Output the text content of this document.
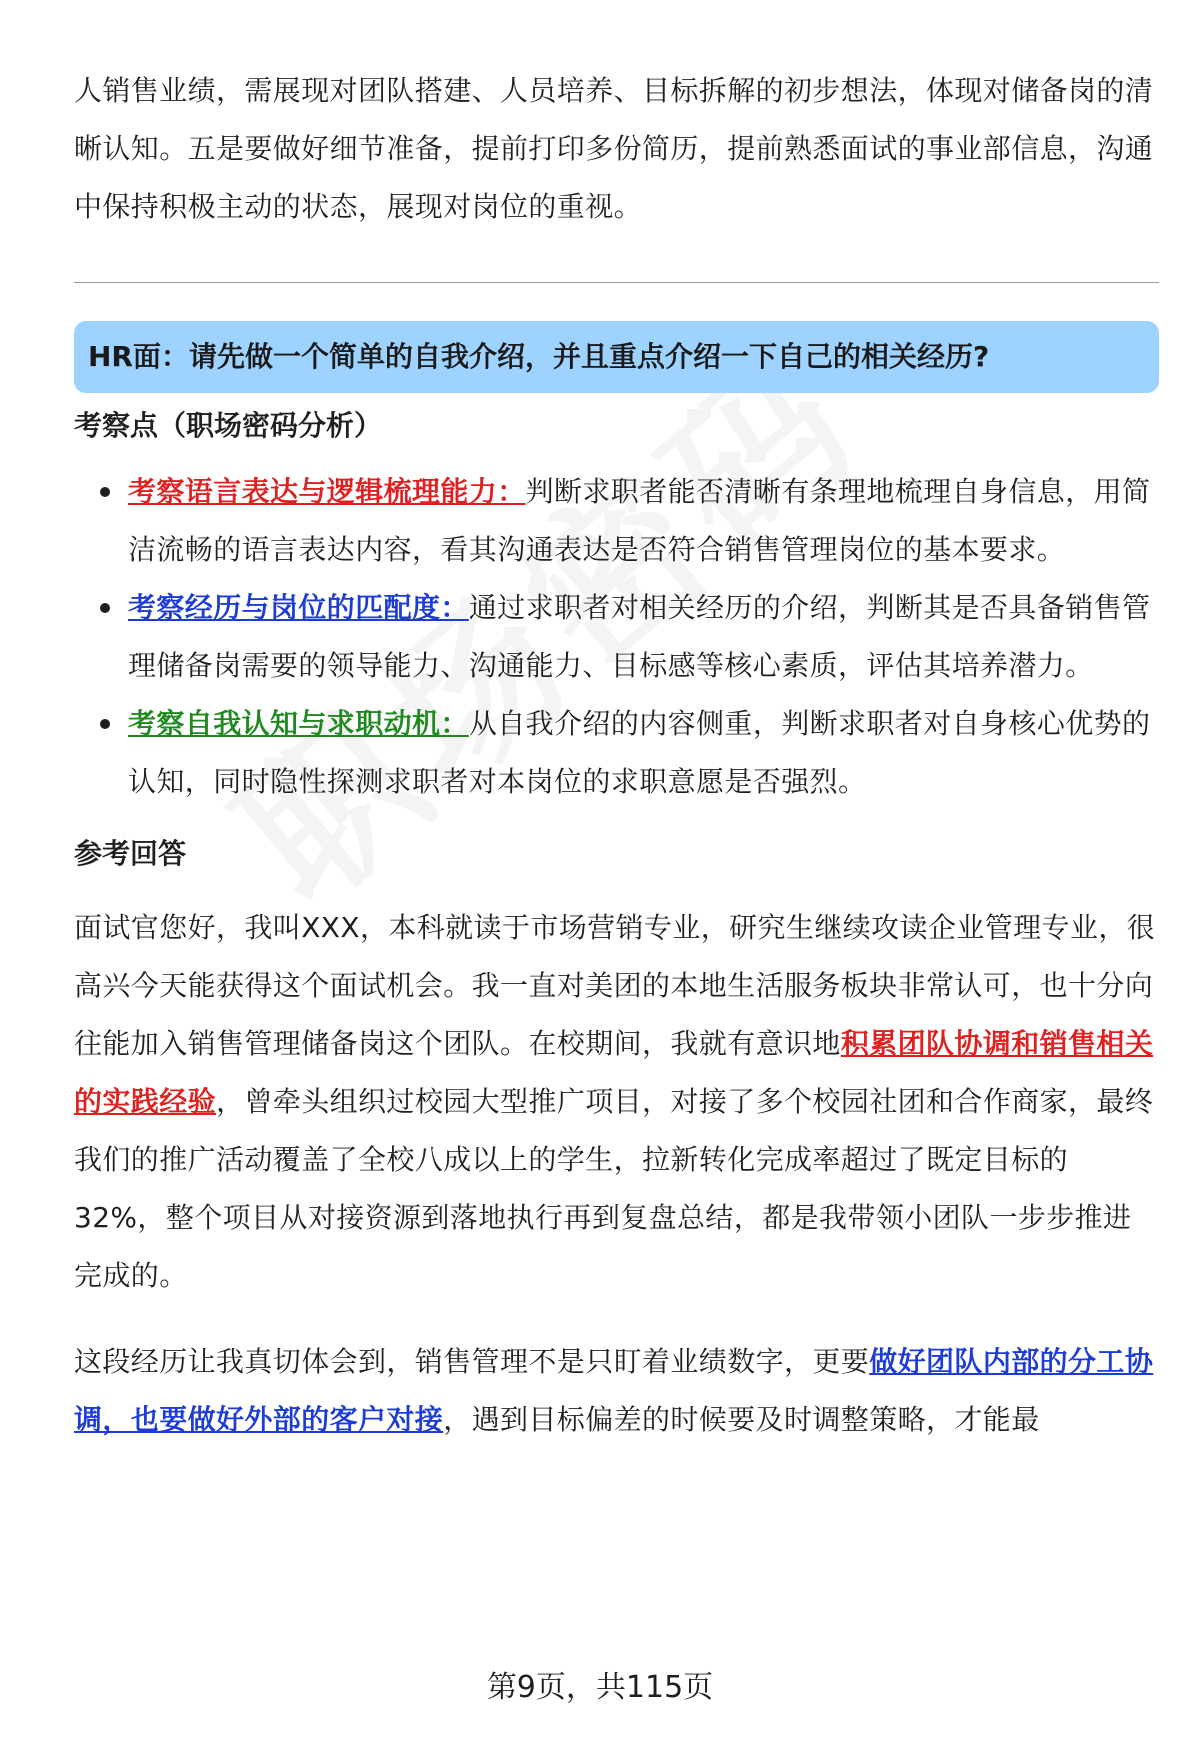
人销售业绩，需展现对团队搭建、人员培养、目标拆解的初步想法，体现对储备岗的清晰认知。五是要做好细节准备，提前打印多份简历，提前熟悉面试的事业部信息，沟通中保持积极主动的状态，展现对岗位的重视。

HR面：请先做一个简单的自我介绍，并且重点介绍一下自己的相关经历?
考察点（职场密码分析）
考察语言表达与逻辑梳理能力：判断求职者能否清晰有条理地梳理自身信息，用简洁流畅的语言表达内容，看其沟通表达是否符合销售管理岗位的基本要求。
考察经历与岗位的匹配度：通过求职者对相关经历的介绍，判断其是否具备销售管理储备岗需要的领导能力、沟通能力、目标感等核心素质，评估其培养潜力。
考察自我认知与求职动机：从自我介绍的内容侧重，判断求职者对自身核心优势的认知，同时隐性探测求职者对本岗位的求职意愿是否强烈。
参考回答

面试官您好，我叫XXX，本科就读于市场营销专业，研究生继续攻读企业管理专业，很高兴今天能获得这个面试机会。我一直对美团的本地生活服务板块非常认可，也十分向往能加入销售管理储备岗这个团队。在校期间，我就有意识地积累团队协调和销售相关的实践经验，曾牵头组织过校园大型推广项目，对接了多个校园社团和合作商家，最终我们的推广活动覆盖了全校八成以上的学生，拉新转化完成率超过了既定目标的32%，整个项目从对接资源到落地执行再到复盘总结，都是我带领小团队一步步推进完成的。

这段经历让我真切体会到，销售管理不是只盯着业绩数字，更要做好团队内部的分工协调，也要做好外部的客户对接，遇到目标偏差的时候要及时调整策略，才能最

第9页，共115页
